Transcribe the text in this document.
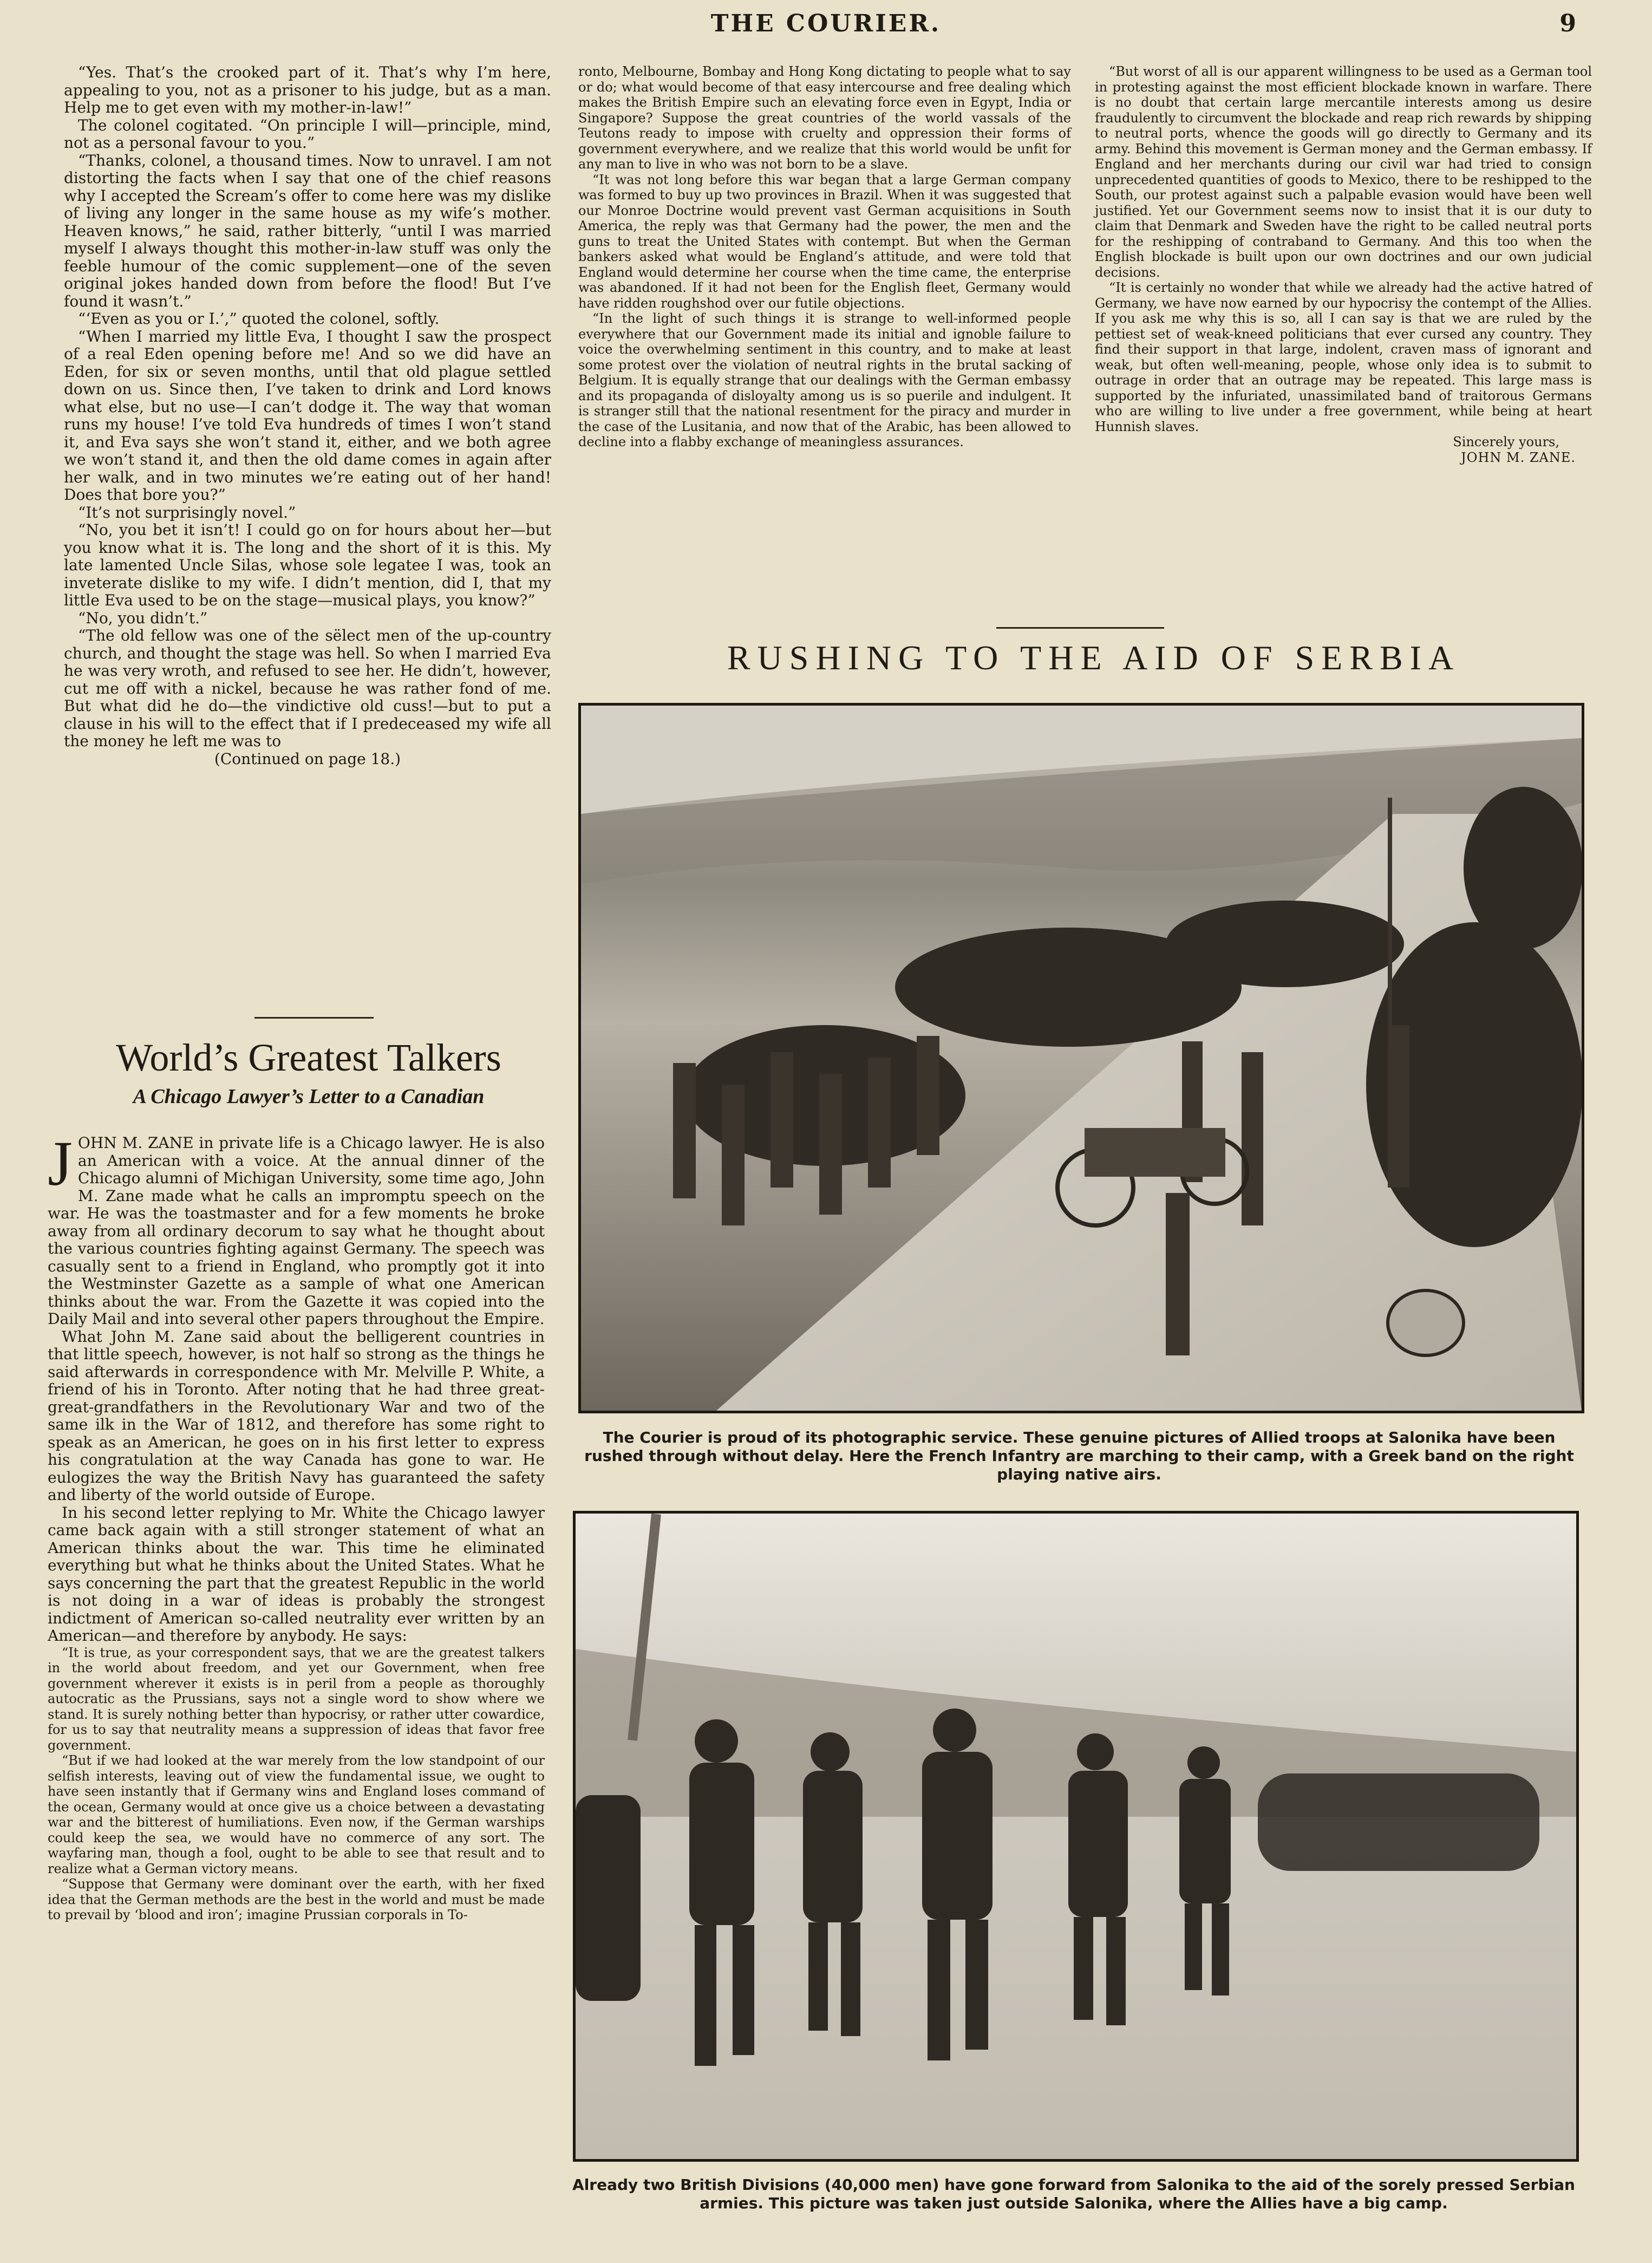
THE COURIER.	9

“Yes. That’s the crooked part of it. That’s why I’m here, appealing to you, not as a prisoner to his judge, but as a man. Help me to get even with my mother-in-law!”

The colonel cogitated. “On principle I will—principle, mind, not as a personal favour to you.”

“Thanks, colonel, a thousand times. Now to unravel. I am not distorting the facts when I say that one of the chief reasons why I accepted the Scream’s offer to come here was my dislike of living any longer in the same house as my wife’s mother. Heaven knows,” he said, rather bitterly, “until I was married myself I always thought this mother-in-law stuff was only the feeble humour of the comic supplement—one of the seven original jokes handed down from before the flood! But I’ve found it wasn’t.”

“‘Even as you or I.’,” quoted the colonel, softly.

“When I married my little Eva, I thought I saw the prospect of a real Eden opening before me! And so we did have an Eden, for six or seven months, until that old plague settled down on us. Since then, I’ve taken to drink and Lord knows what else, but no use—I can’t dodge it. The way that woman runs my house! I’ve told Eva hundreds of times I won’t stand it, and Eva says she won’t stand it, either, and we both agree we won’t stand it, and then the old dame comes in again after her walk, and in two minutes we’re eating out of her hand! Does that bore you?”

“It’s not surprisingly novel.”

“No, you bet it isn’t! I could go on for hours about her—but you know what it is. The long and the short of it is this. My late lamented Uncle Silas, whose sole legatee I was, took an inveterate dislike to my wife. I didn’t mention, did I, that my little Eva used to be on the stage—musical plays, you know?”

“No, you didn’t.”

“The old fellow was one of the sëlect men of the up-country church, and thought the stage was hell. So when I married Eva he was very wroth, and refused to see her. He didn’t, however, cut me off with a nickel, because he was rather fond of me. But what did he do—the vindictive old cuss!—but to put a clause in his will to the effect that if I predeceased my wife all the money he left me was to

(Continued on page 18.)

World’s Greatest Talkers
A Chicago Lawyer’s Letter to a Canadian

JOHN M. ZANE in private life is a Chicago lawyer. He is also an American with a voice. At the annual dinner of the Chicago alumni of Michigan University, some time ago, John M. Zane made what he calls an impromptu speech on the war. He was the toastmaster and for a few moments he broke away from all ordinary decorum to say what he thought about the various countries fighting against Germany. The speech was casually sent to a friend in England, who promptly got it into the Westminster Gazette as a sample of what one American thinks about the war. From the Gazette it was copied into the Daily Mail and into several other papers throughout the Empire.

What John M. Zane said about the belligerent countries in that little speech, however, is not half so strong as the things he said afterwards in correspondence with Mr. Melville P. White, a friend of his in Toronto. After noting that he had three great-great-grandfathers in the Revolutionary War and two of the same ilk in the War of 1812, and therefore has some right to speak as an American, he goes on in his first letter to express his congratulation at the way Canada has gone to war. He eulogizes the way the British Navy has guaranteed the safety and liberty of the world outside of Europe.

In his second letter replying to Mr. White the Chicago lawyer came back again with a still stronger statement of what an American thinks about the war. This time he eliminated everything but what he thinks about the United States. What he says concerning the part that the greatest Republic in the world is not doing in a war of ideas is probably the strongest indictment of American so-called neutrality ever written by an American—and therefore by anybody. He says:

“It is true, as your correspondent says, that we are the greatest talkers in the world about freedom, and yet our Government, when free government wherever it exists is in peril from a people as thoroughly autocratic as the Prussians, says not a single word to show where we stand. It is surely nothing better than hypocrisy, or rather utter cowardice, for us to say that neutrality means a suppression of ideas that favor free government.

“But if we had looked at the war merely from the low standpoint of our selfish interests, leaving out of view the fundamental issue, we ought to have seen instantly that if Germany wins and England loses command of the ocean, Germany would at once give us a choice between a devastating war and the bitterest of humiliations. Even now, if the German warships could keep the sea, we would have no commerce of any sort. The wayfaring man, though a fool, ought to be able to see that result and to realize what a German victory means.

“Suppose that Germany were dominant over the earth, with her fixed idea that the German methods are the best in the world and must be made to prevail by ‘blood and iron’; imagine Prussian corporals in To-

ronto, Melbourne, Bombay and Hong Kong dictating to people what to say or do; what would become of that easy intercourse and free dealing which makes the British Empire such an elevating force even in Egypt, India or Singapore? Suppose the great countries of the world vassals of the Teutons ready to impose with cruelty and oppression their forms of government everywhere, and we realize that this world would be unfit for any man to live in who was not born to be a slave.

“It was not long before this war began that a large German company was formed to buy up two provinces in Brazil. When it was suggested that our Monroe Doctrine would prevent vast German acquisitions in South America, the reply was that Germany had the power, the men and the guns to treat the United States with contempt. But when the German bankers asked what would be England’s attitude, and were told that England would determine her course when the time came, the enterprise was abandoned. If it had not been for the English fleet, Germany would have ridden roughshod over our futile objections.

“In the light of such things it is strange to well-informed people everywhere that our Government made its initial and ignoble failure to voice the overwhelming sentiment in this country, and to make at least some protest over the violation of neutral rights in the brutal sacking of Belgium. It is equally strange that our dealings with the German embassy and its propaganda of disloyalty among us is so puerile and indulgent. It is stranger still that the national resentment for the piracy and murder in the case of the Lusitania, and now that of the Arabic, has been allowed to decline into a flabby exchange of meaningless assurances.

“But worst of all is our apparent willingness to be used as a German tool in protesting against the most efficient blockade known in warfare. There is no doubt that certain large mercantile interests among us desire fraudulently to circumvent the blockade and reap rich rewards by shipping to neutral ports, whence the goods will go directly to Germany and its army. Behind this movement is German money and the German embassy. If England and her merchants during our civil war had tried to consign unprecedented quantities of goods to Mexico, there to be reshipped to the South, our protest against such a palpable evasion would have been well justified. Yet our Government seems now to insist that it is our duty to claim that Denmark and Sweden have the right to be called neutral ports for the reshipping of contraband to Germany. And this too when the English blockade is built upon our own doctrines and our own judicial decisions.

“It is certainly no wonder that while we already had the active hatred of Germany, we have now earned by our hypocrisy the contempt of the Allies. If you ask me why this is so, all I can say is that we are ruled by the pettiest set of weak-kneed politicians that ever cursed any country. They find their support in that large, indolent, craven mass of ignorant and weak, but often well-meaning, people, whose only idea is to submit to outrage in order that an outrage may be repeated. This large mass is supported by the infuriated, unassimilated band of traitorous Germans who are willing to live under a free government, while being at heart Hunnish slaves.

Sincerely yours,

JOHN M. ZANE.

RUSHING TO THE AID OF SERBIA
The Courier is proud of its photographic service. These genuine pictures of Allied troops at Salonika have been rushed through without delay. Here the French Infantry are marching to their camp, with a Greek band on the right playing native airs.
Already two British Divisions (40,000 men) have gone forward from Salonika to the aid of the sorely pressed Serbian armies. This picture was taken just outside Salonika, where the Allies have a big camp.
